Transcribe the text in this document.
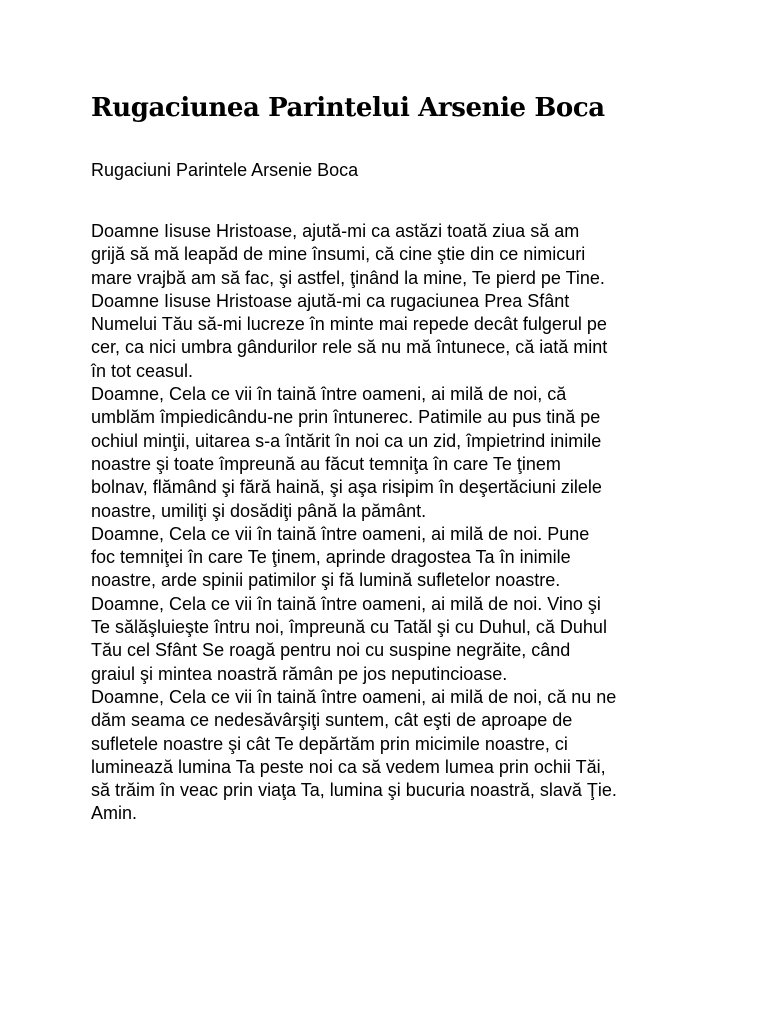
Rugaciunea Parintelui Arsenie Boca

Rugaciuni Parintele Arsenie Boca

Doamne Iisuse Hristoase, ajută-mi ca astăzi toată ziua să am
grijă să mă leapăd de mine însumi, că cine ştie din ce nimicuri
mare vrajbă am să fac, şi astfel, ţinând la mine, Te pierd pe Tine.
Doamne Iisuse Hristoase ajută-mi ca rugaciunea Prea Sfânt
Numelui Tău să-mi lucreze în minte mai repede decât fulgerul pe
cer, ca nici umbra gândurilor rele să nu mă întunece, că iată mint
în tot ceasul.
Doamne, Cela ce vii în taină între oameni, ai milă de noi, că
umblăm împiedicându-ne prin întunerec. Patimile au pus tină pe
ochiul minţii, uitarea s-a întărit în noi ca un zid, împietrind inimile
noastre şi toate împreună au făcut temniţa în care Te ţinem
bolnav, flămând şi fără haină, şi aşa risipim în deşertăciuni zilele
noastre, umiliţi şi dosădiţi până la pământ.
Doamne, Cela ce vii în taină între oameni, ai milă de noi. Pune
foc temniţei în care Te ţinem, aprinde dragostea Ta în inimile
noastre, arde spinii patimilor şi fă lumină sufletelor noastre.
Doamne, Cela ce vii în taină între oameni, ai milă de noi. Vino şi
Te sălăşluieşte întru noi, împreună cu Tatăl şi cu Duhul, că Duhul
Tău cel Sfânt Se roagă pentru noi cu suspine negrăite, când
graiul şi mintea noastră rămân pe jos neputincioase.
Doamne, Cela ce vii în taină între oameni, ai milă de noi, că nu ne
dăm seama ce nedesăvârşiţi suntem, cât eşti de aproape de
sufletele noastre şi cât Te depărtăm prin micimile noastre, ci
luminează lumina Ta peste noi ca să vedem lumea prin ochii Tăi,
să trăim în veac prin viaţa Ta, lumina şi bucuria noastră, slavă Ţie.
Amin.
